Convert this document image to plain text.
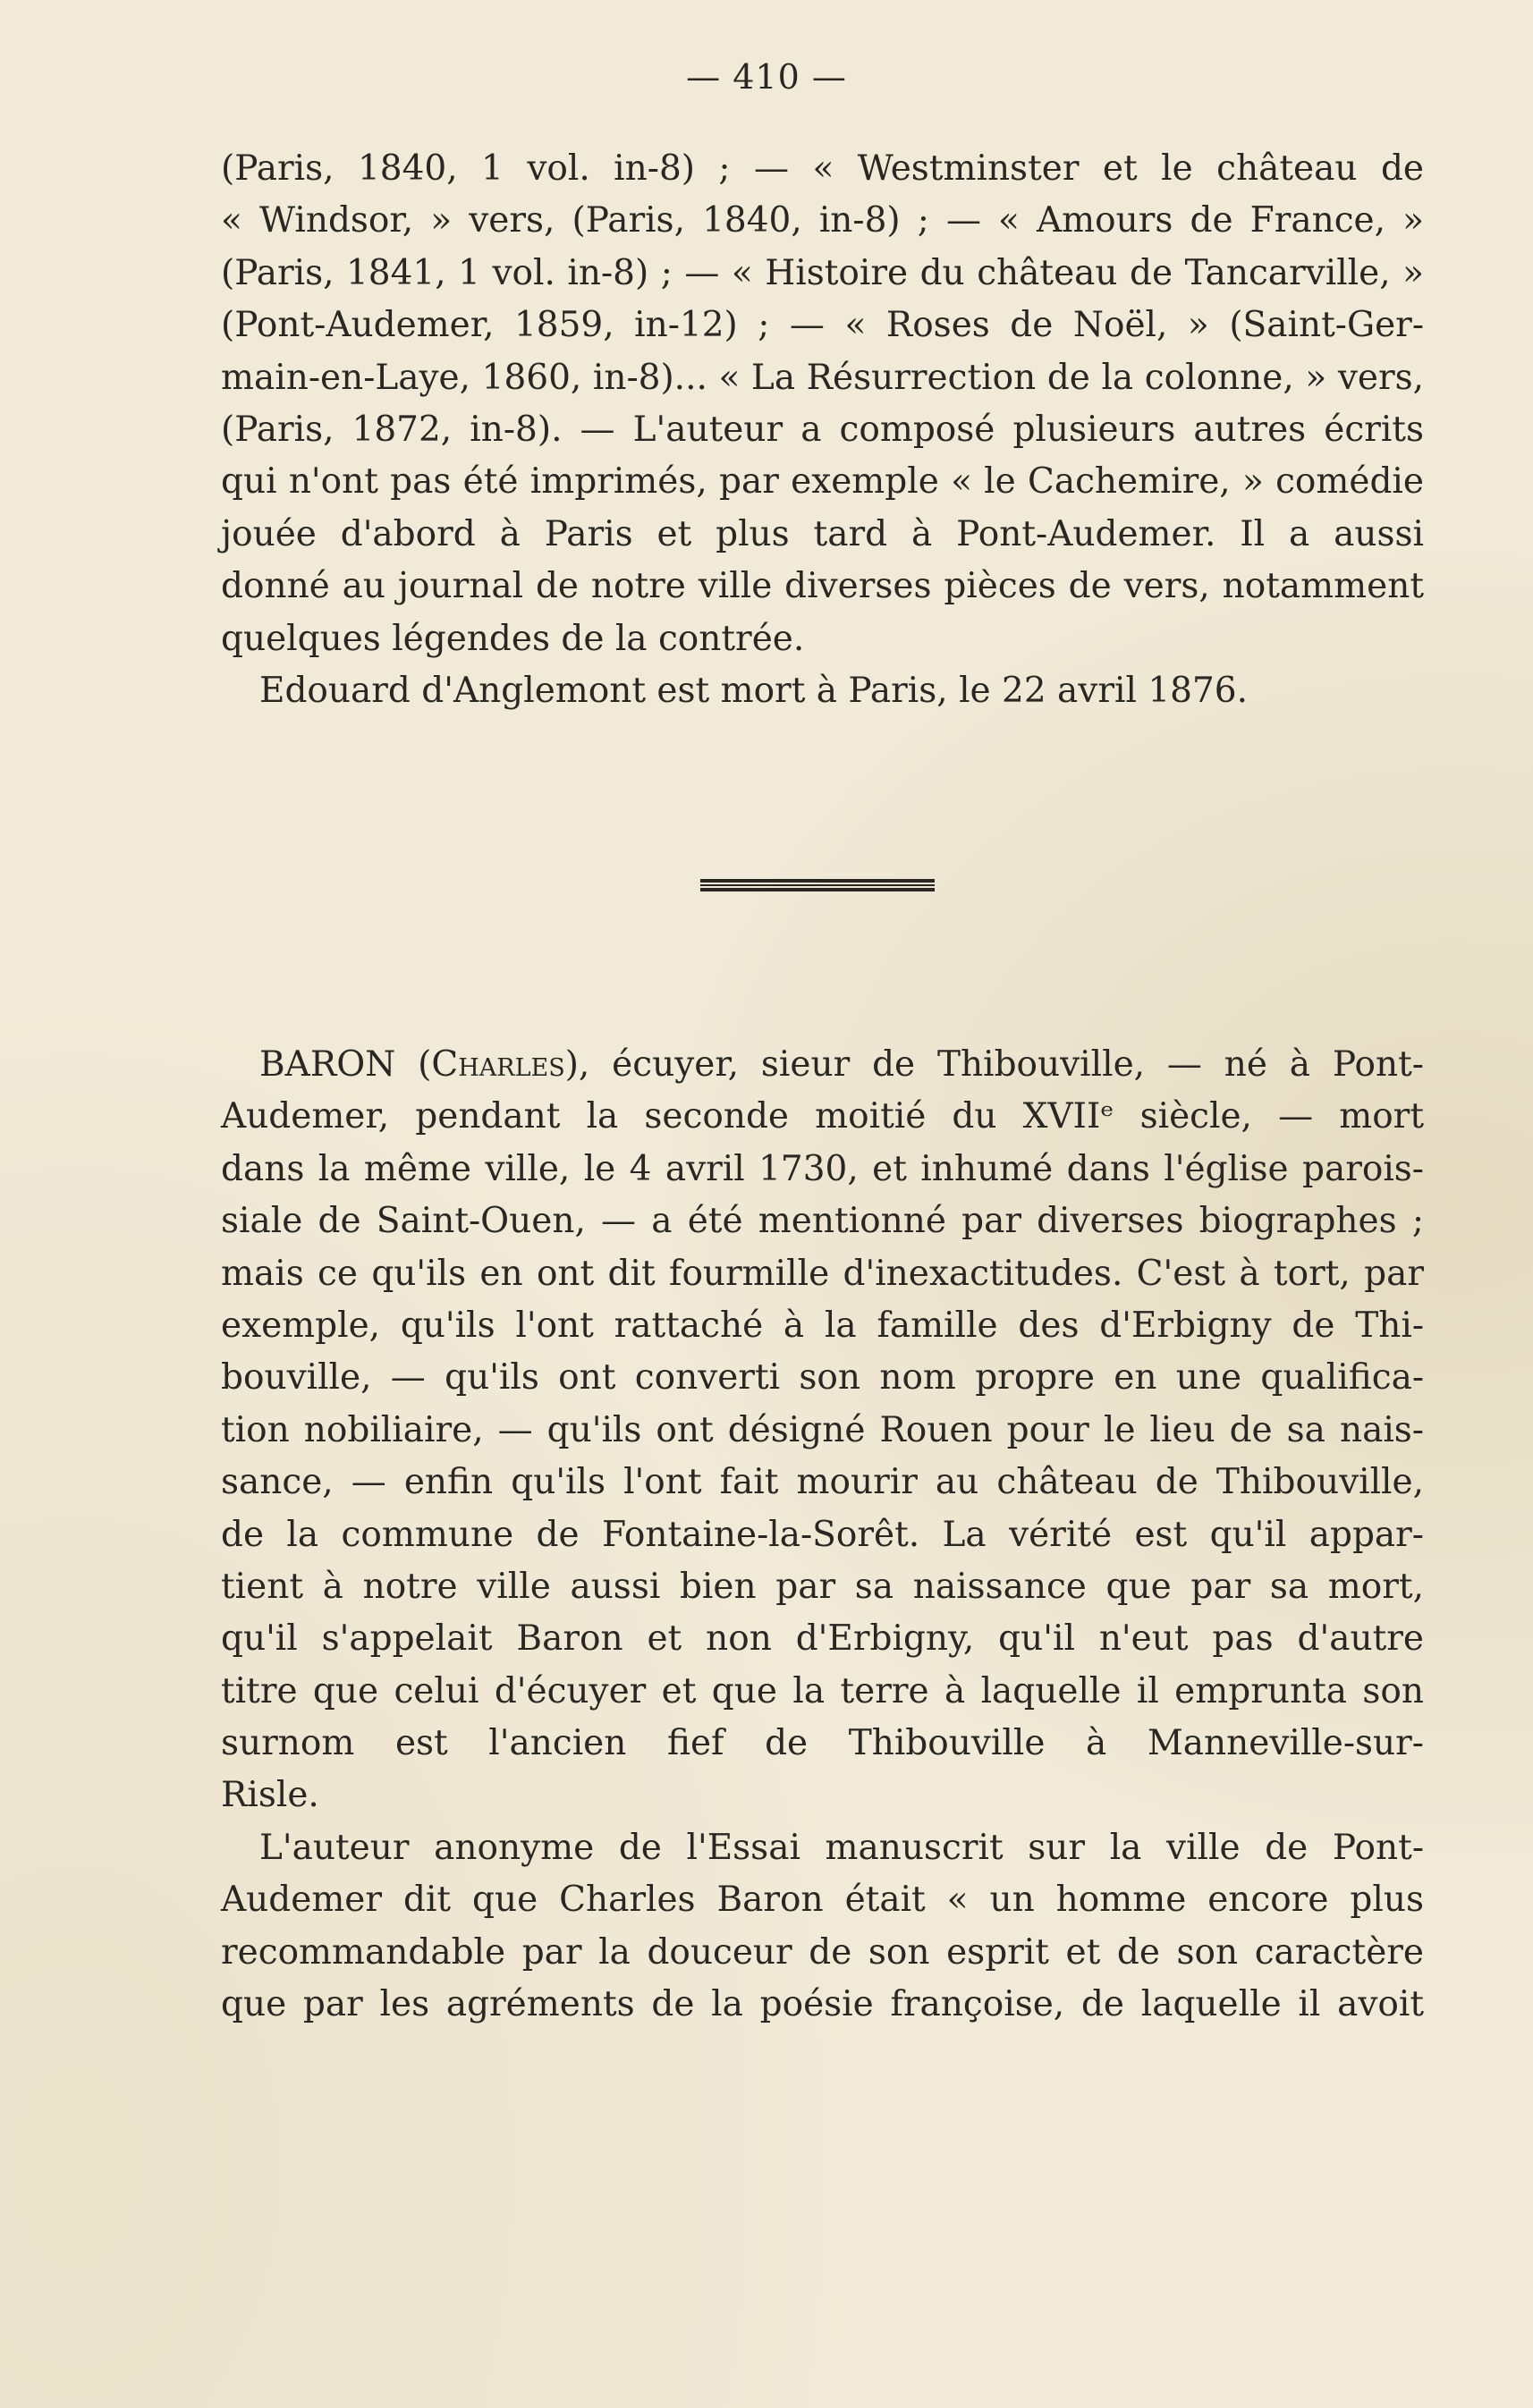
— 410 —
(Paris, 1840, 1 vol. in-8) ; — « Westminster et le château de
« Windsor, » vers, (Paris, 1840, in-8) ; — « Amours de France, »
(Paris, 1841, 1 vol. in-8) ; — « Histoire du château de Tancarville, »
(Pont-Audemer, 1859, in-12) ; — « Roses de Noël, » (Saint-Ger-
main-en-Laye, 1860, in-8)... « La Résurrection de la colonne, » vers,
(Paris, 1872, in-8). — L'auteur a composé plusieurs autres écrits
qui n'ont pas été imprimés, par exemple « le Cachemire, » comédie
jouée d'abord à Paris et plus tard à Pont-Audemer. Il a aussi
donné au journal de notre ville diverses pièces de vers, notamment
quelques légendes de la contrée.
Edouard d'Anglemont est mort à Paris, le 22 avril 1876.
BARON (Charles), écuyer, sieur de Thibouville, — né à Pont-
Audemer, pendant la seconde moitié du XVIIᵉ siècle, — mort
dans la même ville, le 4 avril 1730, et inhumé dans l'église parois-
siale de Saint-Ouen, — a été mentionné par diverses biographes ;
mais ce qu'ils en ont dit fourmille d'inexactitudes. C'est à tort, par
exemple, qu'ils l'ont rattaché à la famille des d'Erbigny de Thi-
bouville, — qu'ils ont converti son nom propre en une qualifica-
tion nobiliaire, — qu'ils ont désigné Rouen pour le lieu de sa nais-
sance, — enfin qu'ils l'ont fait mourir au château de Thibouville,
de la commune de Fontaine-la-Sorêt. La vérité est qu'il appar-
tient à notre ville aussi bien par sa naissance que par sa mort,
qu'il s'appelait Baron et non d'Erbigny, qu'il n'eut pas d'autre
titre que celui d'écuyer et que la terre à laquelle il emprunta son
surnom est l'ancien fief de Thibouville à Manneville-sur-
Risle.
L'auteur anonyme de l'Essai manuscrit sur la ville de Pont-
Audemer dit que Charles Baron était « un homme encore plus
recommandable par la douceur de son esprit et de son caractère
que par les agréments de la poésie françoise, de laquelle il avoit
